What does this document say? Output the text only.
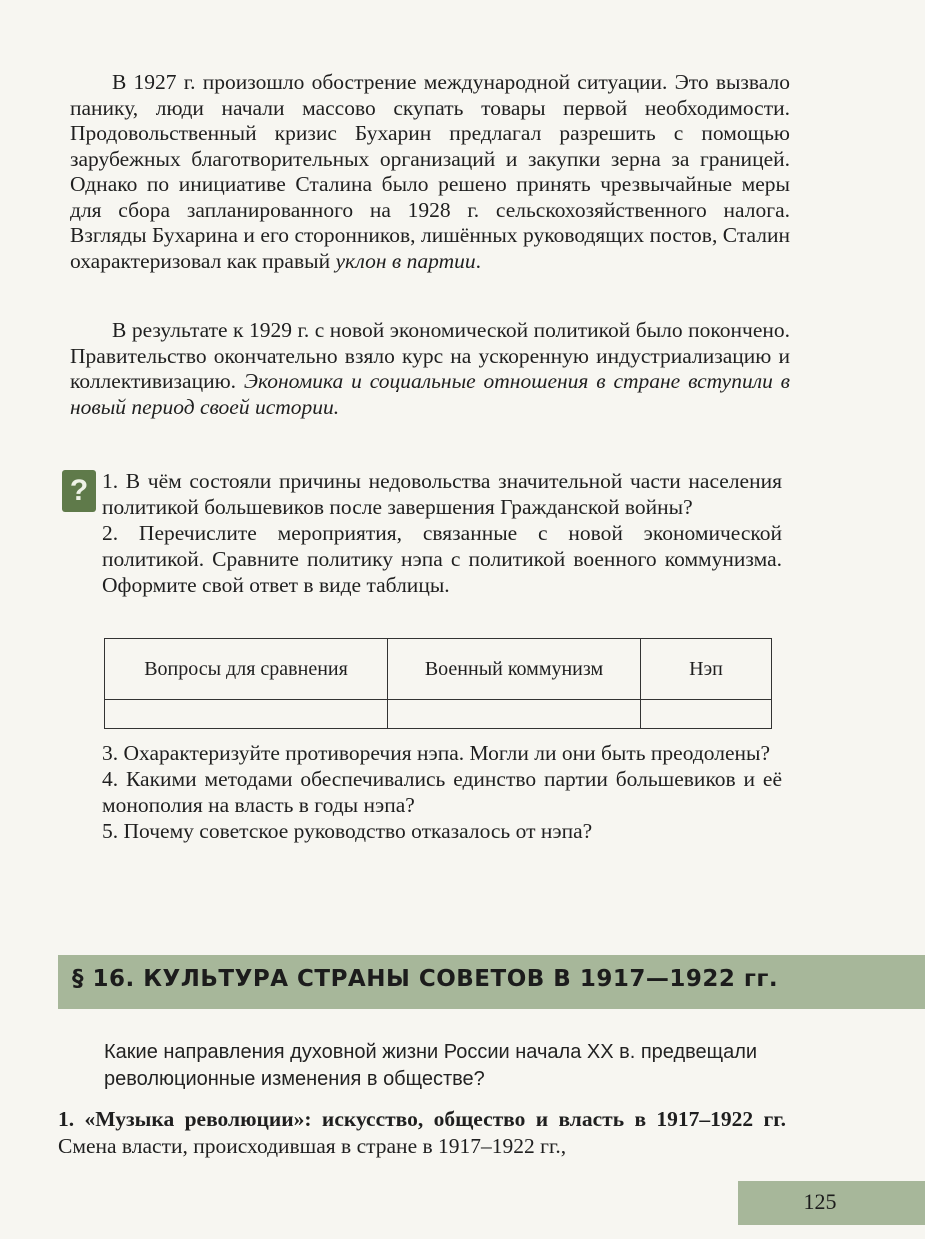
В 1927 г. произошло обострение международной ситуации. Это вызвало панику, люди начали массово скупать товары первой необходимости. Продовольственный кризис Бухарин предлагал разрешить с помощью зарубежных благотворительных организаций и закупки зерна за границей. Однако по инициативе Сталина было решено принять чрезвычайные меры для сбора запланированного на 1928 г. сельскохозяйственного налога. Взгляды Бухарина и его сторонников, лишённых руководящих постов, Сталин охарактеризовал как правый уклон в партии.

В результате к 1929 г. с новой экономической политикой было покончено. Правительство окончательно взяло курс на ускоренную индустриализацию и коллективизацию. Экономика и социальные отношения в стране вступили в новый период своей истории.

? 1. В чём состояли причины недовольства значительной части населения политикой большевиков после завершения Гражданской войны?

2. Перечислите мероприятия, связанные с новой экономической политикой. Сравните политику нэпа с политикой военного коммунизма. Оформите свой ответ в виде таблицы.

Вопросы для сравнения	Военный коммунизм	Нэп

3. Охарактеризуйте противоречия нэпа. Могли ли они быть преодолены?

4. Какими методами обеспечивались единство партии большевиков и её монополия на власть в годы нэпа?

5. Почему советское руководство отказалось от нэпа?

§ 16. КУЛЬТУРА СТРАНЫ СОВЕТОВ В 1917—1922 гг.

Какие направления духовной жизни России начала XX в. предвещали революционные изменения в обществе?

1. «Музыка революции»: искусство, общество и власть в 1917–1922 гг. Смена власти, происходившая в стране в 1917–1922 гг.,

125
